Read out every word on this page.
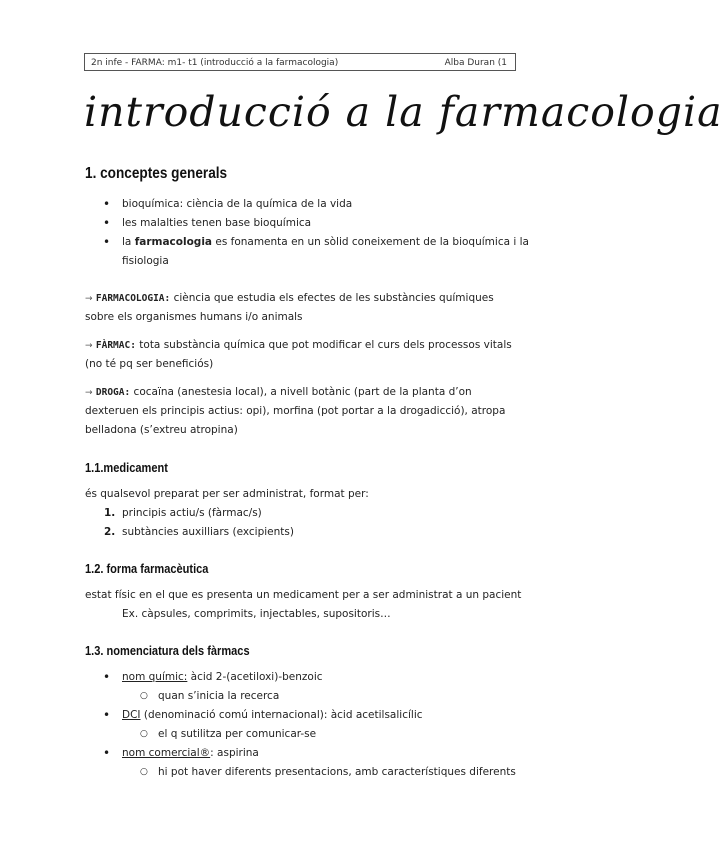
2n infe - FARMA: m1- t1 (introducció a la farmacologia)	Alba Duran (1
introducció a la farmacologia
1. conceptes generals
• bioquímica: ciència de la química de la vida
• les malalties tenen base bioquímica
• la farmacologia es fonamenta en un sòlid coneixement de la bioquímica i la
fisiologia
→ FARMACOLOGIA: ciència que estudia els efectes de les substàncies químiques
sobre els organismes humans i/o animals
→ FÀRMAC: tota substància química que pot modificar el curs dels processos vitals
(no té pq ser beneficiós)
→ DROGA: cocaïna (anestesia local), a nivell botànic (part de la planta d’on
dexteruen els principis actius: opi), morfina (pot portar a la drogadicció), atropa
belladona (s’extreu atropina)
1.1.medicament
és qualsevol preparat per ser administrat, format per:
1. principis actiu/s (fàrmac/s)
2. subtàncies auxilliars (excipients)
1.2. forma farmacèutica
estat físic en el que es presenta un medicament per a ser administrat a un pacient
Ex. càpsules, comprimits, injectables, supositoris…
1.3. nomenciatura dels fàrmacs
• nom químic: àcid 2-(acetiloxi)-benzoic
○ quan s’inicia la recerca
• DCI (denominació comú internacional): àcid acetilsalicílic
○ el q sutilitza per comunicar-se
• nom comercial®: aspirina
○ hi pot haver diferents presentacions, amb característiques diferents
